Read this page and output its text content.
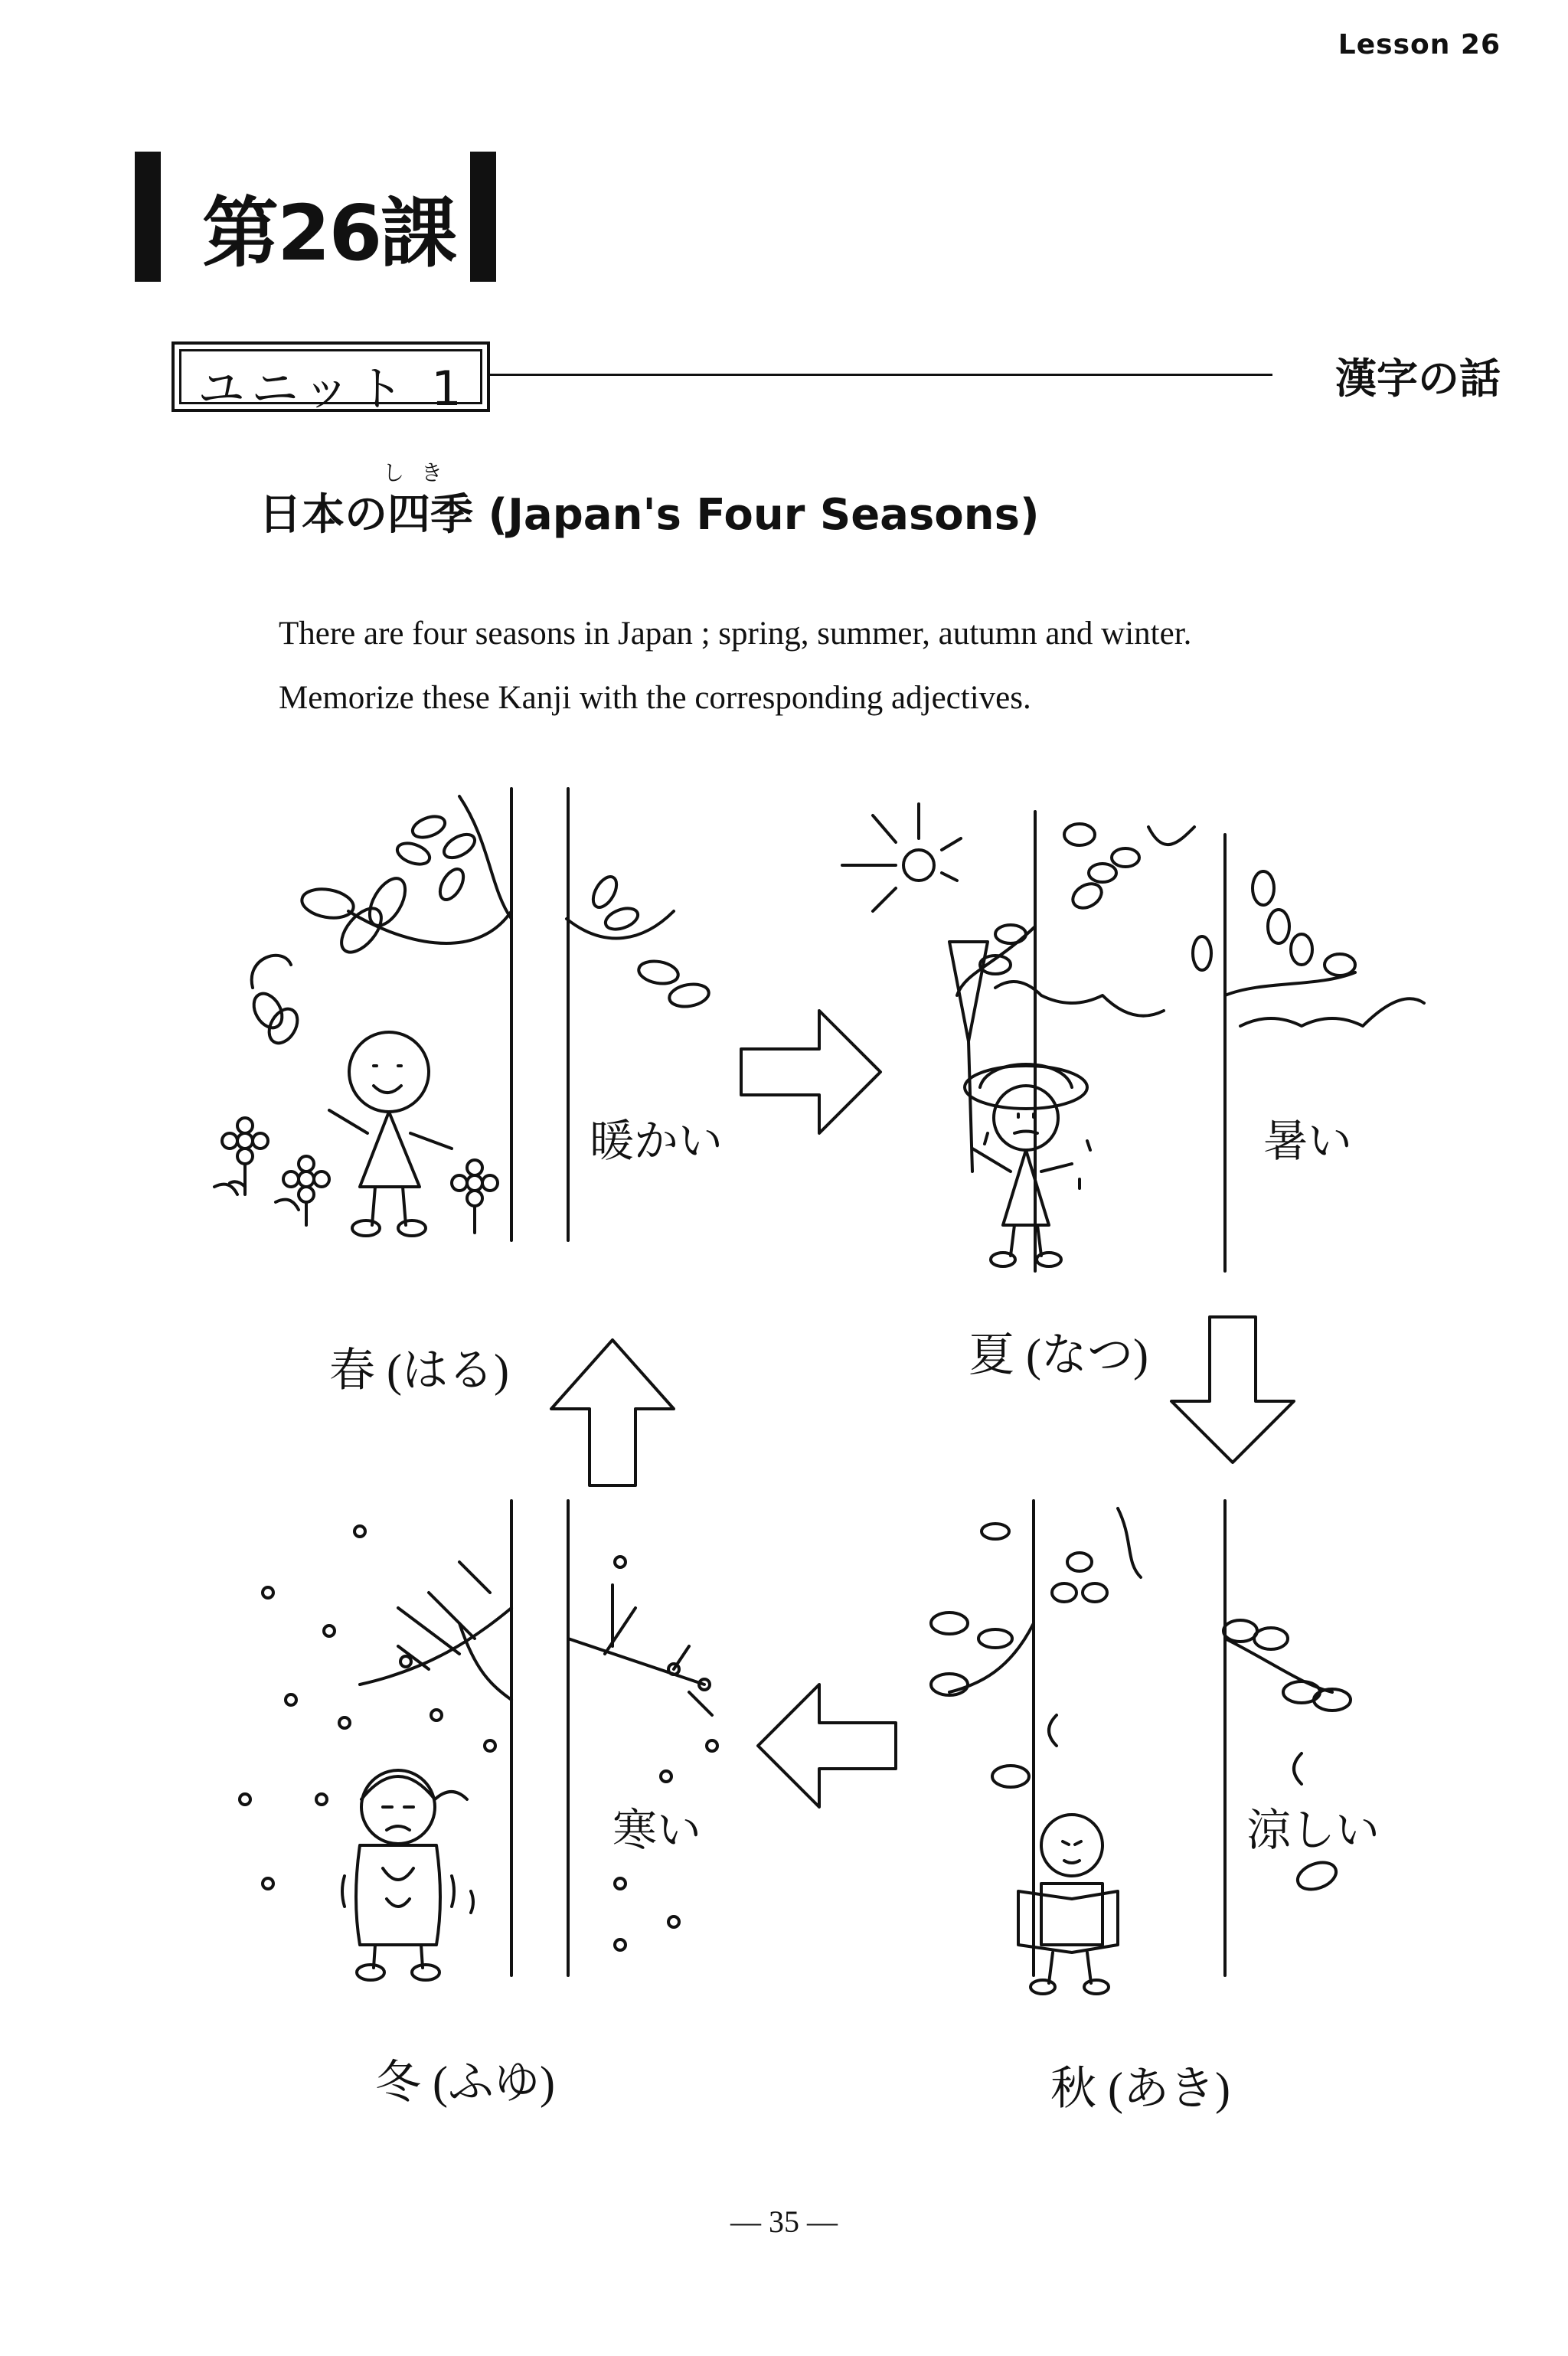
Lesson 26
第26課
ユニット 1	漢字の話
しき
日本の四季 (Japan's Four Seasons)
There are four seasons in Japan ; spring, summer, autumn and winter.
Memorize these Kanji with the corresponding adjectives.
暖かい	暑い
涼しい
寒い
春 (はる)	夏 (なつ)
秋 (あき)
冬 (ふゆ)
― 35 ―
